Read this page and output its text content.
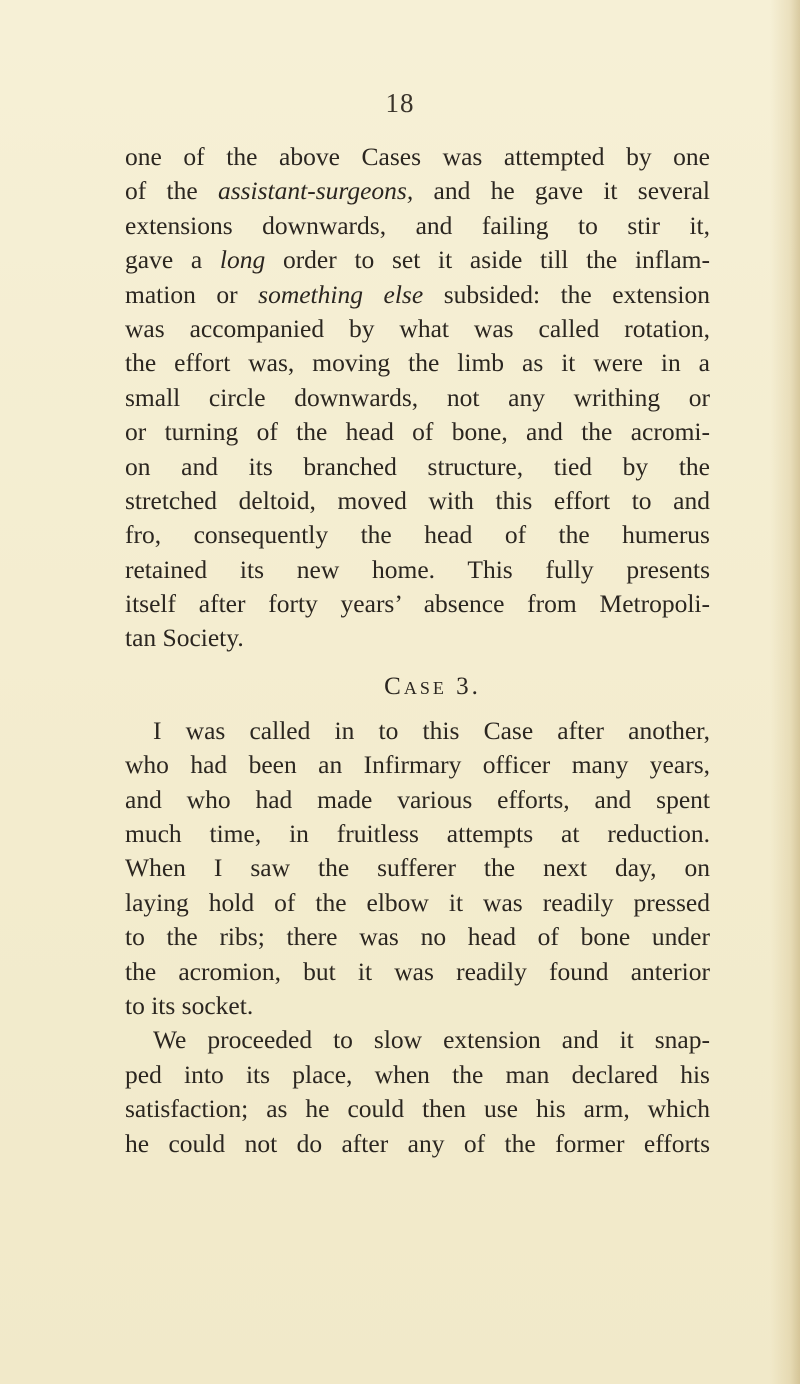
18
one of the above Cases was attempted by one
of the assistant-surgeons, and he gave it several
extensions downwards, and failing to stir it,
gave a long order to set it aside till the inflam-
mation or something else subsided: the extension
was accompanied by what was called rotation,
the effort was, moving the limb as it were in a
small circle downwards, not any writhing or
or turning of the head of bone, and the acromi-
on and its branched structure, tied by the
stretched deltoid, moved with this effort to and
fro, consequently the head of the humerus
retained its new home. This fully presents
itself after forty years’ absence from Metropoli-
tan Society.
Case 3.
I was called in to this Case after another,
who had been an Infirmary officer many years,
and who had made various efforts, and spent
much time, in fruitless attempts at reduction.
When I saw the sufferer the next day, on
laying hold of the elbow it was readily pressed
to the ribs; there was no head of bone under
the acromion, but it was readily found anterior
to its socket.
We proceeded to slow extension and it snap-
ped into its place, when the man declared his
satisfaction; as he could then use his arm, which
he could not do after any of the former efforts
